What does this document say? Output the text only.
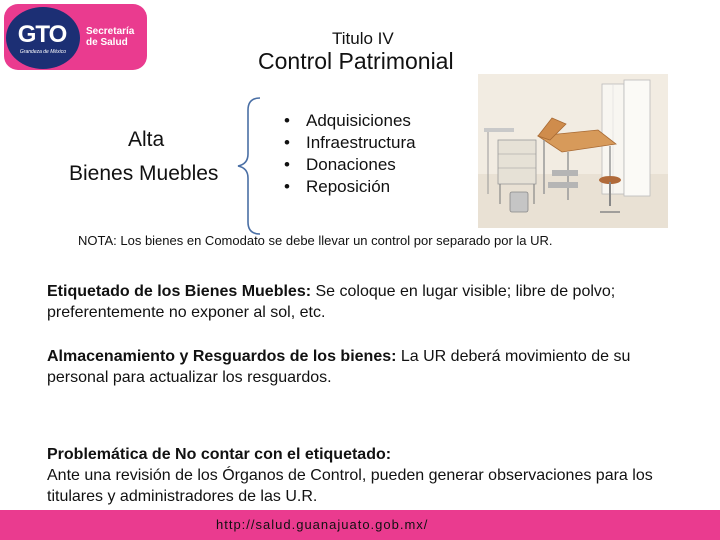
GTO
Grandeza de México
Secretaría
de Salud	Titulo IV
Control Patrimonial
Alta
Bienes Muebles
• Adquisiciones
• Infraestructura
• Donaciones
• Reposición
NOTA: Los bienes en Comodato se debe llevar un control por separado por la UR.
Etiquetado de los Bienes Muebles: Se coloque en lugar visible; libre de polvo; preferentemente no exponer al sol, etc.
Almacenamiento y Resguardos de los bienes: La UR deberá movimiento de su personal para actualizar los resguardos.
Problemática de No contar con el etiquetado:
Ante una revisión de los Órganos de Control, pueden generar observaciones para los titulares y administradores de las U.R.
http://salud.guanajuato.gob.mx/
